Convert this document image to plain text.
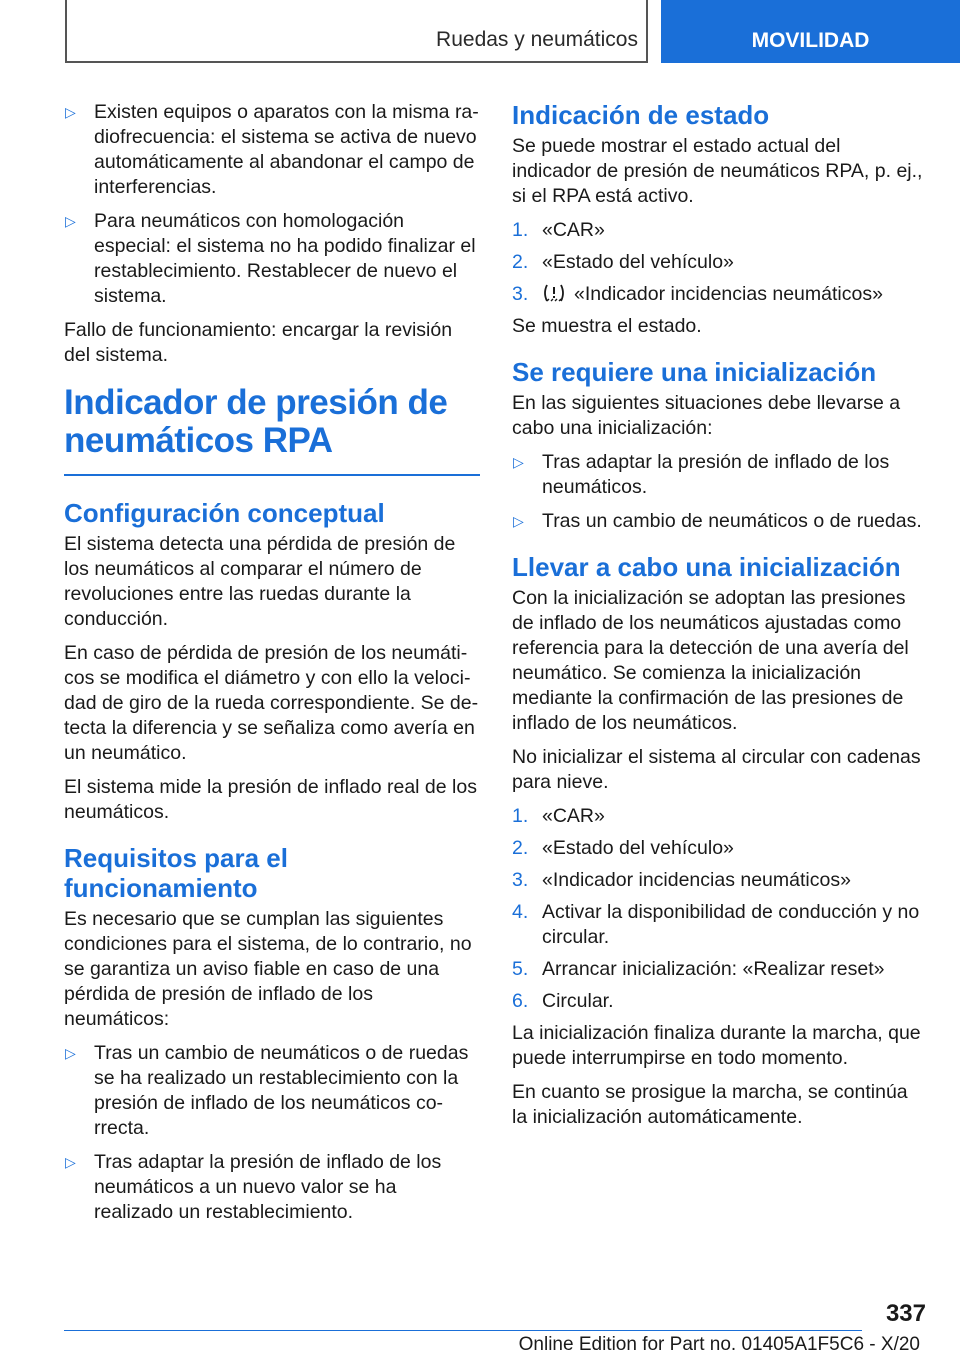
Ruedas y neumáticos	MOVILIDAD
▷ Existen equipos o aparatos con la misma radiofrecuencia: el sistema se activa de nuevo automáticamente al abandonar el campo de interferencias.
▷ Para neumáticos con homologación especial: el sistema no ha podido finalizar el restablecimiento. Restablecer de nuevo el sistema.

Fallo de funcionamiento: encargar la revisión del sistema.

Indicador de presión de neumáticos RPA
Configuración conceptual

El sistema detecta una pérdida de presión de los neumáticos al comparar el número de revoluciones entre las ruedas durante la conducción.

En caso de pérdida de presión de los neumáticos se modifica el diámetro y con ello la velocidad de giro de la rueda correspondiente. Se detecta la diferencia y se señaliza como avería en un neumático.

El sistema mide la presión de inflado real de los neumáticos.

Requisitos para el funcionamiento

Es necesario que se cumplan las siguientes condiciones para el sistema, de lo contrario, no se garantiza un aviso fiable en caso de una pérdida de presión de inflado de los neumáticos:

▷ Tras un cambio de neumáticos o de ruedas se ha realizado un restablecimiento con la presión de inflado de los neumáticos correcta.
▷ Tras adaptar la presión de inflado de los neumáticos a un nuevo valor se ha realizado un restablecimiento.
Indicación de estado

Se puede mostrar el estado actual del indicador de presión de neumáticos RPA, p. ej., si el RPA está activo.

1. «CAR»
2. «Estado del vehículo»
3. «Indicador incidencias neumáticos»

Se muestra el estado.

Se requiere una inicialización

En las siguientes situaciones debe llevarse a cabo una inicialización:

▷ Tras adaptar la presión de inflado de los neumáticos.
▷ Tras un cambio de neumáticos o de ruedas.
Llevar a cabo una inicialización

Con la inicialización se adoptan las presiones de inflado de los neumáticos ajustadas como referencia para la detección de una avería del neumático. Se comienza la inicialización mediante la confirmación de las presiones de inflado de los neumáticos.

No inicializar el sistema al circular con cadenas para nieve.

1. «CAR»
2. «Estado del vehículo»
3. «Indicador incidencias neumáticos»
4. Activar la disponibilidad de conducción y no circular.
5. Arrancar inicialización: «Realizar reset»
6. Circular.

La inicialización finaliza durante la marcha, que puede interrumpirse en todo momento.

En cuanto se prosigue la marcha, se continúa la inicialización automáticamente.

337
Online Edition for Part no. 01405A1F5C6 - X/20
